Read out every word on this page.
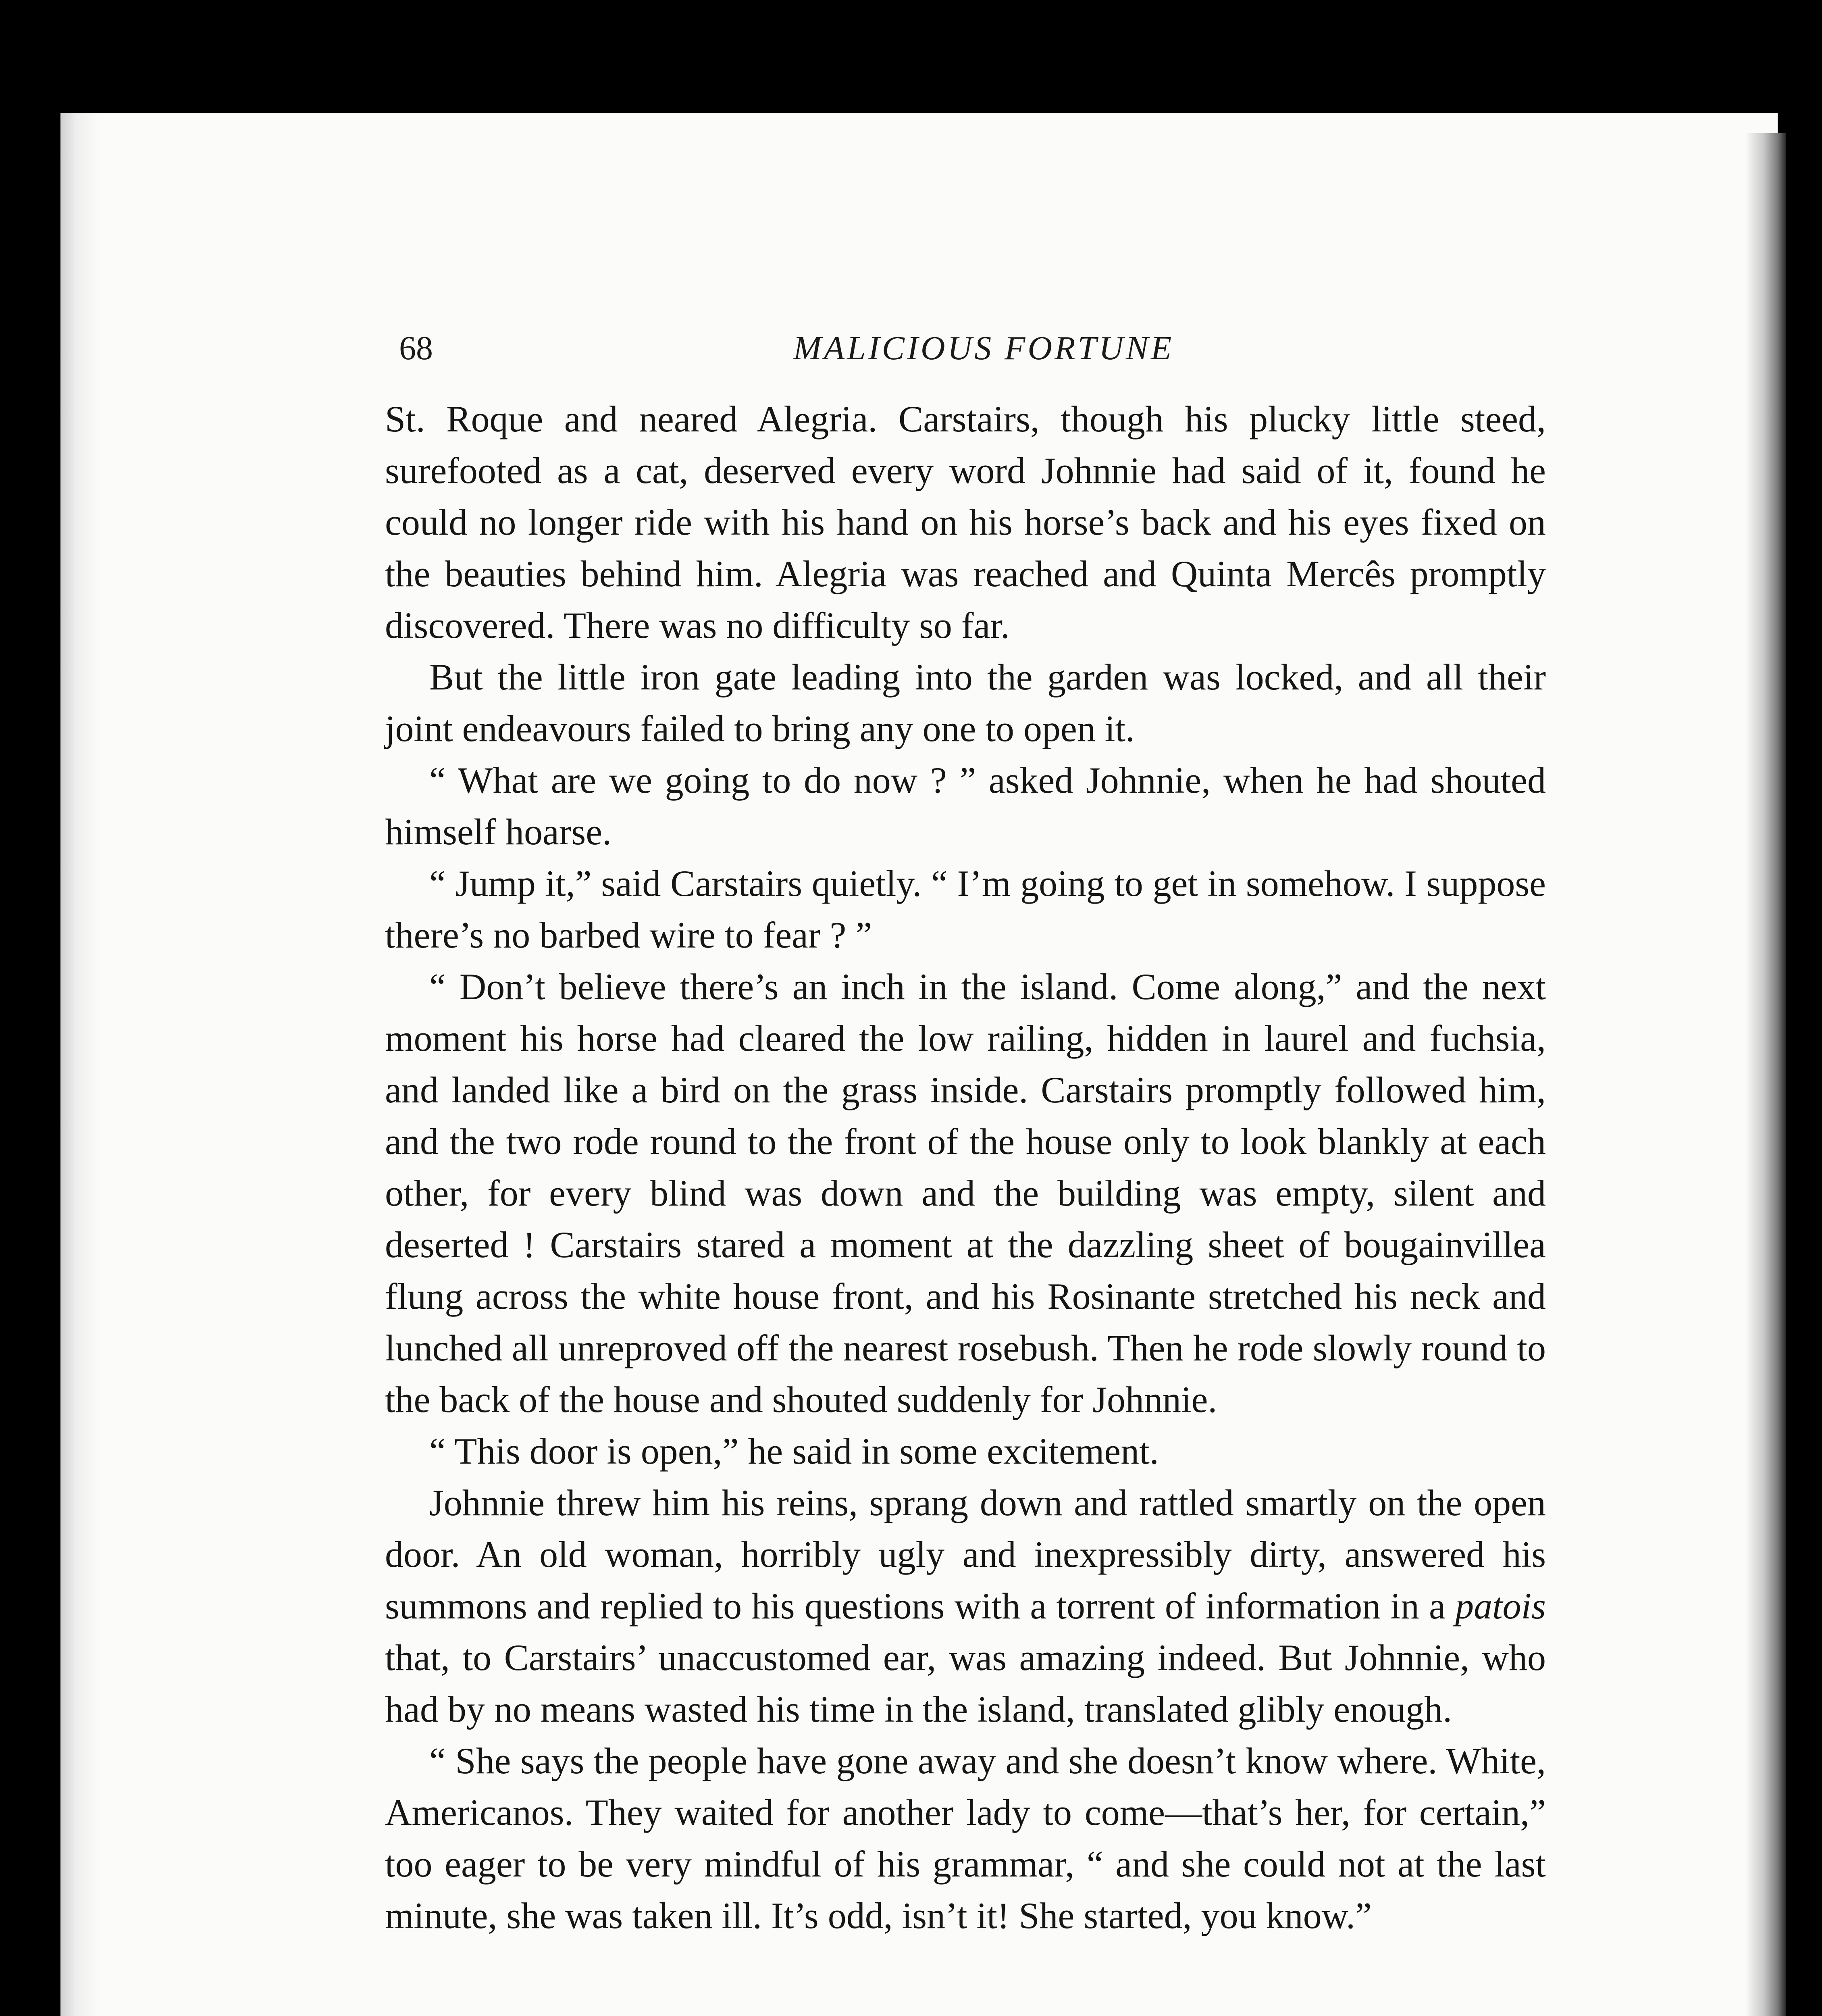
68	MALICIOUS FORTUNE

St. Roque and neared Alegria. Carstairs, though his plucky little steed, surefooted as a cat, deserved every word Johnnie had said of it, found he could no longer ride with his hand on his horse’s back and his eyes fixed on the beauties behind him. Alegria was reached and Quinta Mercês promptly discovered. There was no difficulty so far.

But the little iron gate leading into the garden was locked, and all their joint endeavours failed to bring any one to open it.

“ What are we going to do now ? ” asked Johnnie, when he had shouted himself hoarse.

“ Jump it,” said Carstairs quietly. “ I’m going to get in somehow. I suppose there’s no barbed wire to fear ? ”

“ Don’t believe there’s an inch in the island. Come along,” and the next moment his horse had cleared the low railing, hidden in laurel and fuchsia, and landed like a bird on the grass inside. Carstairs promptly followed him, and the two rode round to the front of the house only to look blankly at each other, for every blind was down and the building was empty, silent and deserted ! Carstairs stared a moment at the dazzling sheet of bougainvillea flung across the white house front, and his Rosinante stretched his neck and lunched all unreproved off the nearest rosebush. Then he rode slowly round to the back of the house and shouted suddenly for Johnnie.

“ This door is open,” he said in some excitement.

Johnnie threw him his reins, sprang down and rattled smartly on the open door. An old woman, horribly ugly and inexpressibly dirty, answered his summons and replied to his questions with a torrent of information in a patois that, to Carstairs’ unaccustomed ear, was amazing indeed. But Johnnie, who had by no means wasted his time in the island, translated glibly enough.

“ She says the people have gone away and she doesn’t know where. White, Americanos. They waited for another lady to come—that’s her, for certain,” too eager to be very mindful of his grammar, “ and she could not at the last minute, she was taken ill. It’s odd, isn’t it! She started, you know.”
